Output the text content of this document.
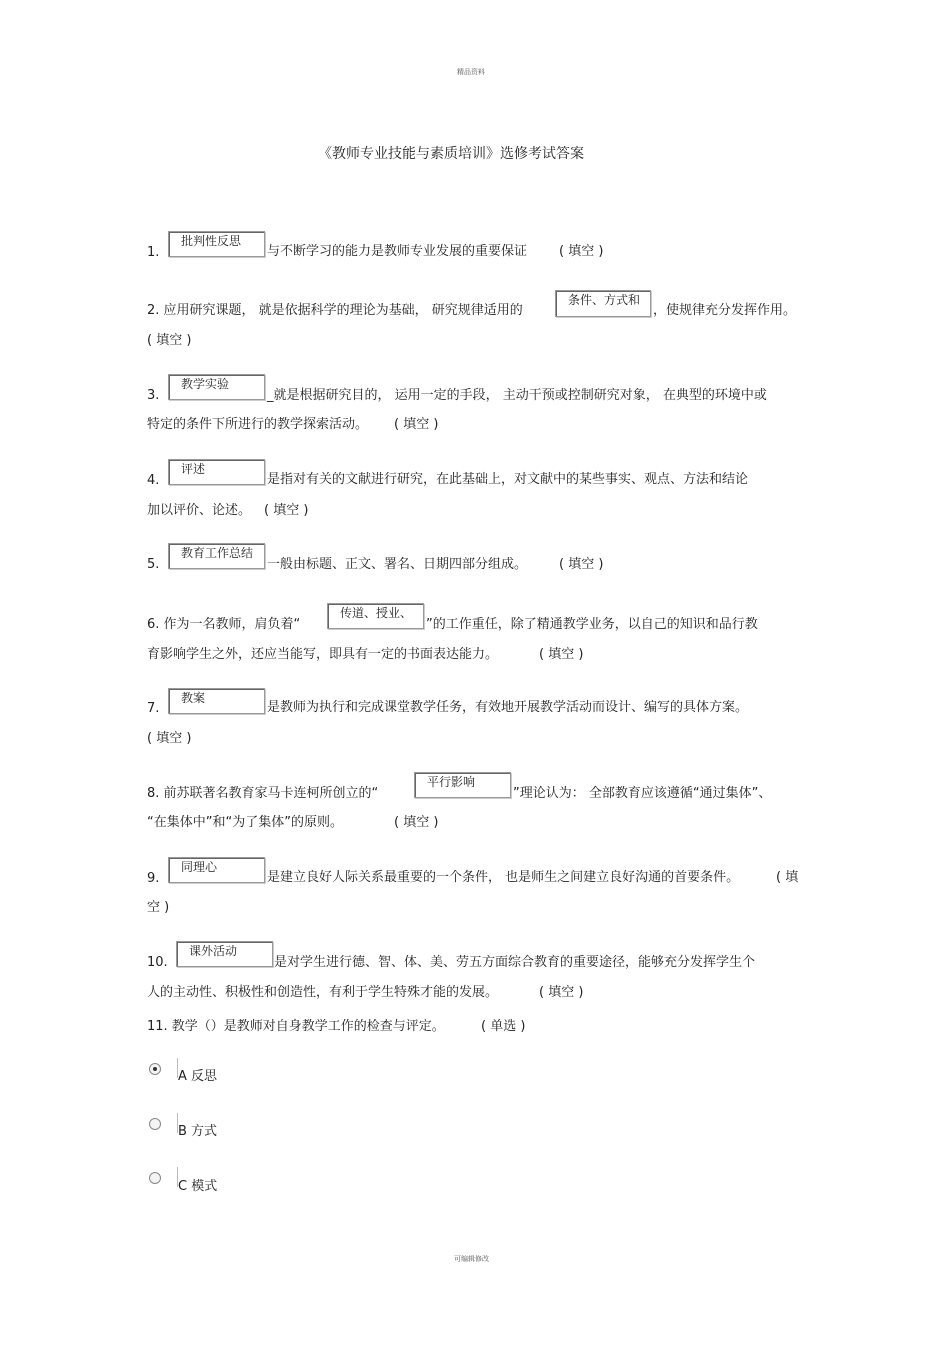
精品资料
《教师专业技能与素质培训》选修考试答案
1.
批判性反思
与不断学习的能力是教师专业发展的重要保证 ( 填空 )
2. 应用研究课题， 就是依据科学的理论为基础， 研究规律适用的
条件、方式和
，使规律充分发挥作用。
( 填空 )
3.
教学实验
_就是根据研究目的， 运用一定的手段， 主动干预或控制研究对象， 在典型的环境中或
特定的条件下所进行的教学探索活动。 ( 填空 )
4.
评述
是指对有关的文献进行研究，在此基础上，对文献中的某些事实、观点、方法和结论
加以评价、论述。 ( 填空 )
5.
教育工作总结
一般由标题、正文、署名、日期四部分组成。 ( 填空 )
6. 作为一名教师，肩负着“
传道、授业、
”的工作重任，除了精通教学业务，以自己的知识和品行教
育影响学生之外，还应当能写，即具有一定的书面表达能力。	( 填空 )
7.
教案
是教师为执行和完成课堂教学任务，有效地开展教学活动而设计、编写的具体方案。
( 填空 )
8. 前苏联著名教育家马卡连柯所创立的“
平行影响
”理论认为： 全部教育应该遵循“通过集体”、
“在集体中”和“为了集体”的原则。	( 填空 )
9.
同理心
是建立良好人际关系最重要的一个条件， 也是师生之间建立良好沟通的首要条件。	( 填
空 )
10.
课外活动
是对学生进行德、智、体、美、劳五方面综合教育的重要途径，能够充分发挥学生个
人的主动性、积极性和创造性，有利于学生特殊才能的发展。	( 填空 )
11. 教学（）是教师对自身教学工作的检查与评定。	( 单选 )
A 反思
B 方式
C 模式
可编辑修改
